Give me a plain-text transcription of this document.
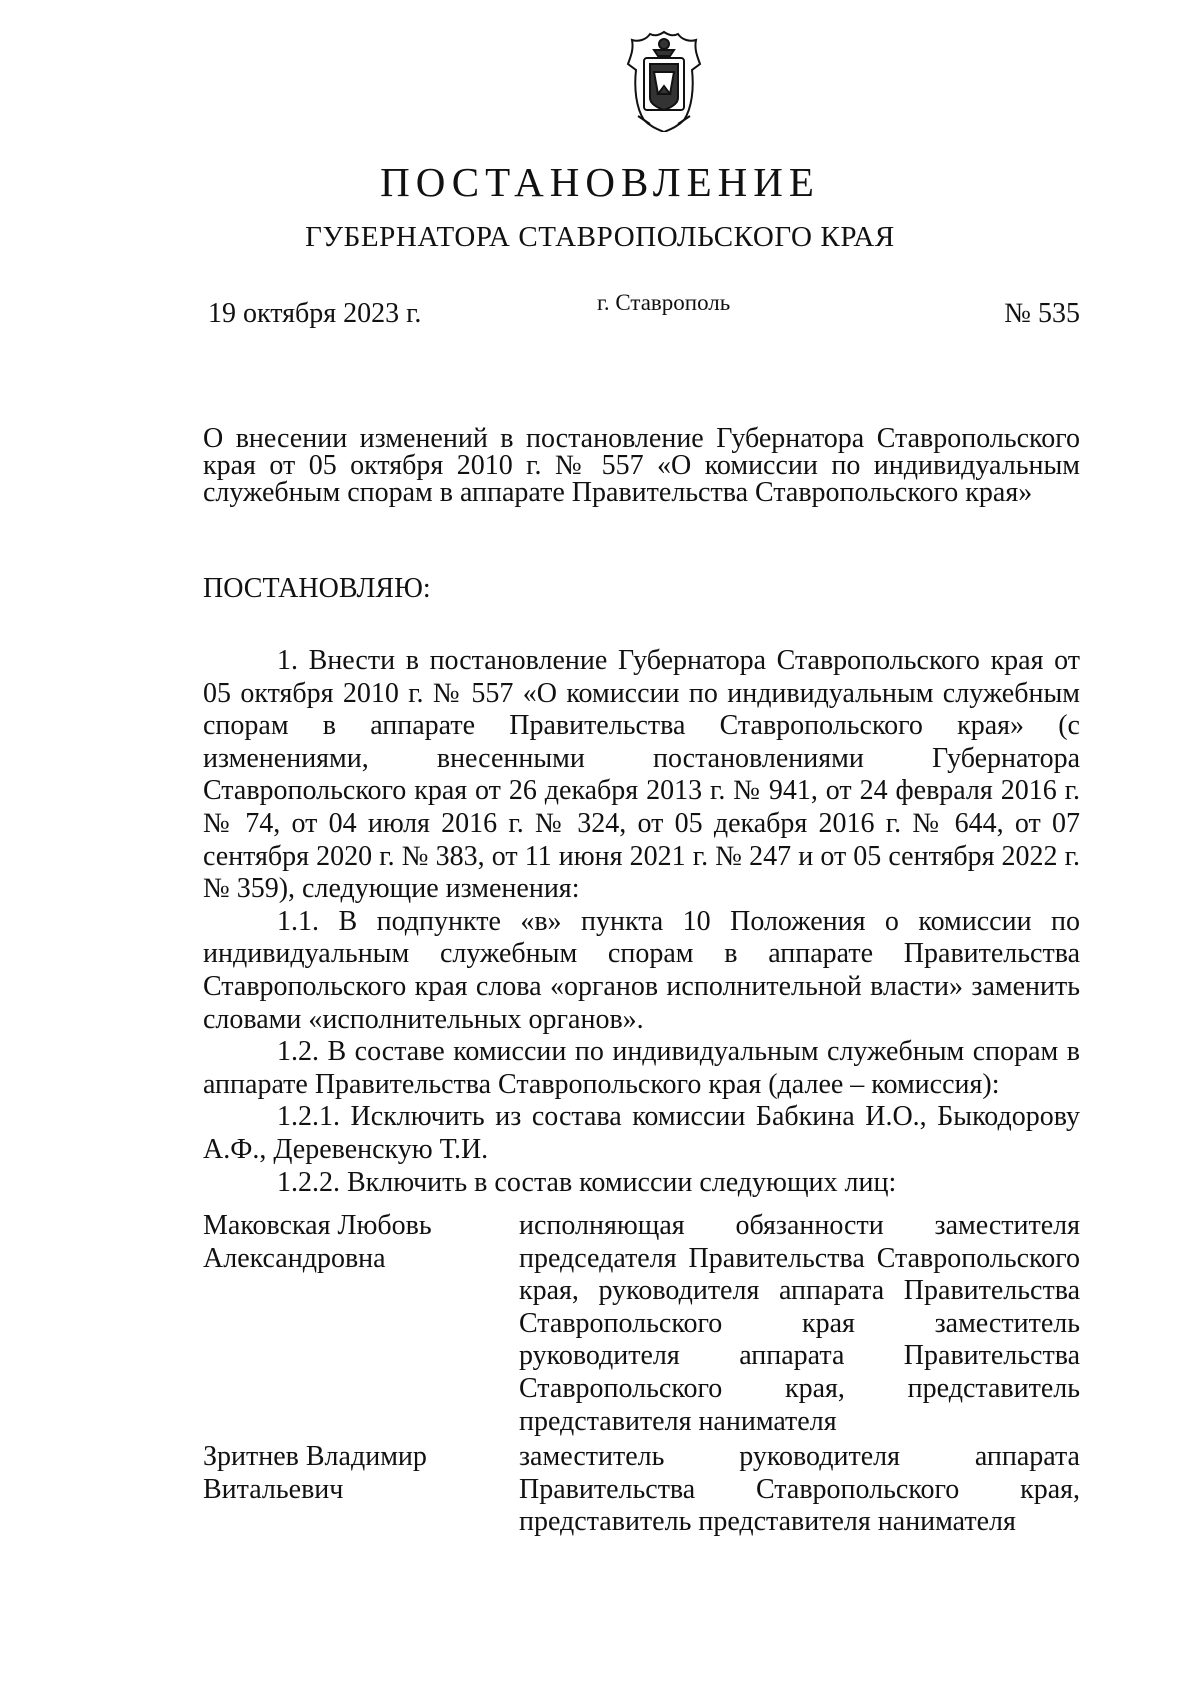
ПОСТАНОВЛЕНИЕ
ГУБЕРНАТОРА СТАВРОПОЛЬСКОГО КРАЯ
19 октября 2023 г.	г. Ставрополь	№ 535
О внесении изменений в постановление Губернатора Ставропольского края от 05 октября 2010 г. № 557 «О комиссии по индивидуальным служебным спорам в аппарате Правительства Ставропольского края»
ПОСТАНОВЛЯЮ:

1. Внести в постановление Губернатора Ставропольского края от 05 октября 2010 г. № 557 «О комиссии по индивидуальным служебным спорам в аппарате Правительства Ставропольского края» (с изменениями, внесенными постановлениями Губернатора Ставропольского края от 26 декабря 2013 г. № 941, от 24 февраля 2016 г. № 74, от 04 июля 2016 г. № 324, от 05 декабря 2016 г. № 644, от 07 сентября 2020 г. № 383, от 11 июня 2021 г. № 247 и от 05 сентября 2022 г. № 359), следующие изменения:

1.1. В подпункте «в» пункта 10 Положения о комиссии по индивидуальным служебным спорам в аппарате Правительства Ставропольского края слова «органов исполнительной власти» заменить словами «исполнительных органов».

1.2. В составе комиссии по индивидуальным служебным спорам в аппарате Правительства Ставропольского края (далее – комиссия):

1.2.1. Исключить из состава комиссии Бабкина И.О., Быкодорову А.Ф., Деревенскую Т.И.

1.2.2. Включить в состав комиссии следующих лиц:

Маковская Любовь
Александровна
исполняющая обязанности заместителя председателя Правительства Ставропольского края, руководителя аппарата Правительства Ставропольского края заместитель руководителя аппарата Правительства Ставропольского края, представитель представителя нанимателя
Зритнев Владимир
Витальевич
заместитель руководителя аппарата Правительства Ставропольского края, представитель представителя нанимателя
